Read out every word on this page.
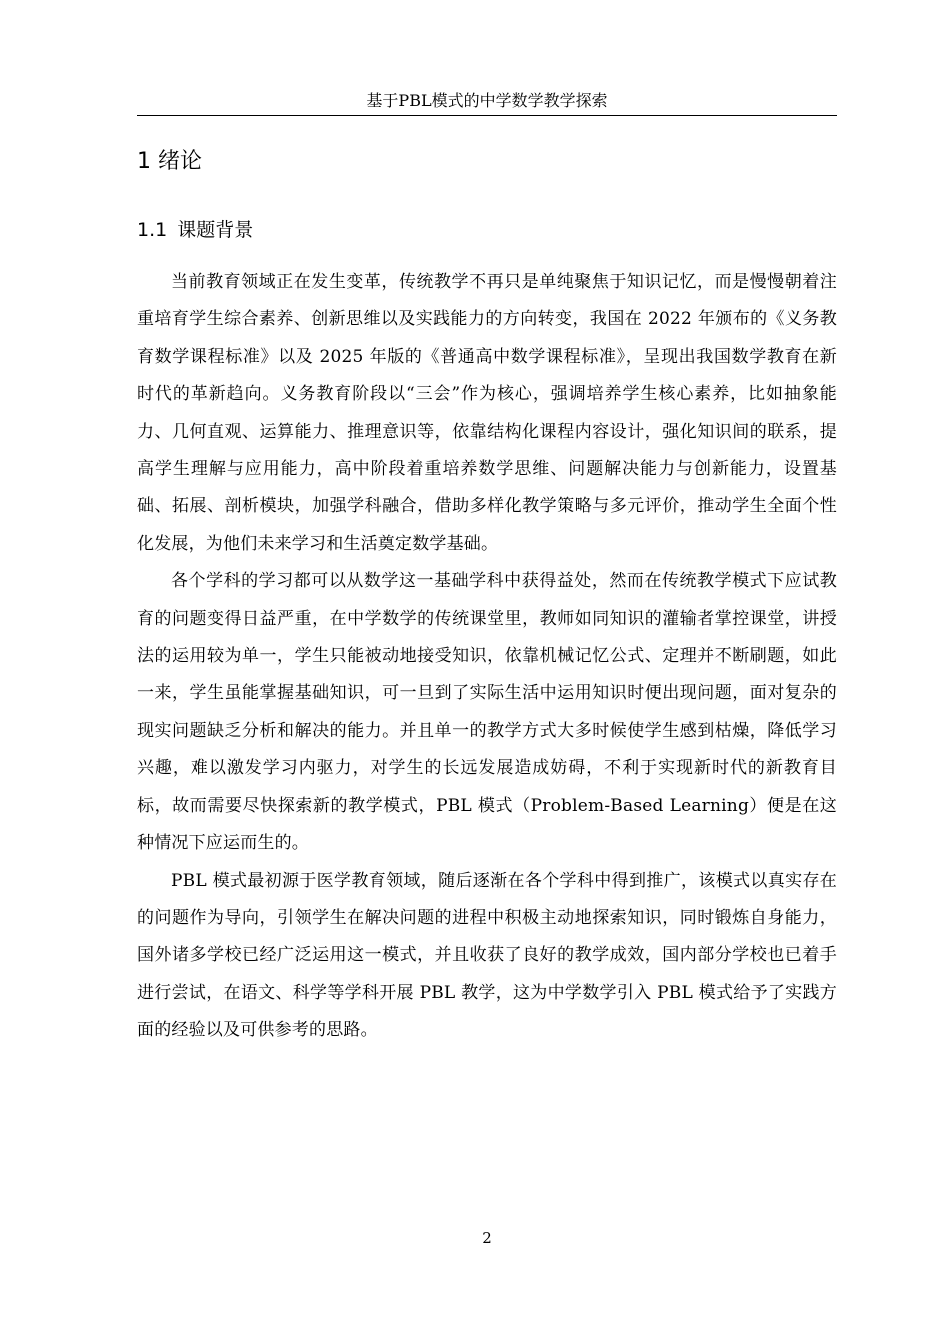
基于PBL模式的中学数学教学探索
1 绪论
1.1 课题背景

当前教育领域正在发生变革，传统教学不再只是单纯聚焦于知识记忆，而是慢慢朝着注重培育学生综合素养、创新思维以及实践能力的方向转变，我国在 2022 年颁布的《义务教育数学课程标准》以及 2025 年版的《普通高中数学课程标准》，呈现出我国数学教育在新时代的革新趋向。义务教育阶段以“三会”作为核心，强调培养学生核心素养，比如抽象能力、几何直观、运算能力、推理意识等，依靠结构化课程内容设计，强化知识间的联系，提高学生理解与应用能力，高中阶段着重培养数学思维、问题解决能力与创新能力，设置基础、拓展、剖析模块，加强学科融合，借助多样化教学策略与多元评价，推动学生全面个性化发展，为他们未来学习和生活奠定数学基础。

各个学科的学习都可以从数学这一基础学科中获得益处，然而在传统教学模式下应试教育的问题变得日益严重，在中学数学的传统课堂里，教师如同知识的灌输者掌控课堂，讲授法的运用较为单一，学生只能被动地接受知识，依靠机械记忆公式、定理并不断刷题，如此一来，学生虽能掌握基础知识，可一旦到了实际生活中运用知识时便出现问题，面对复杂的现实问题缺乏分析和解决的能力。并且单一的教学方式大多时候使学生感到枯燥，降低学习兴趣，难以激发学习内驱力，对学生的长远发展造成妨碍，不利于实现新时代的新教育目标，故而需要尽快探索新的教学模式，PBL 模式（Problem-Based Learning）便是在这种情况下应运而生的。

PBL 模式最初源于医学教育领域，随后逐渐在各个学科中得到推广，该模式以真实存在的问题作为导向，引领学生在解决问题的进程中积极主动地探索知识，同时锻炼自身能力，国外诸多学校已经广泛运用这一模式，并且收获了良好的教学成效，国内部分学校也已着手进行尝试，在语文、科学等学科开展 PBL 教学，这为中学数学引入 PBL 模式给予了实践方面的经验以及可供参考的思路。

2
